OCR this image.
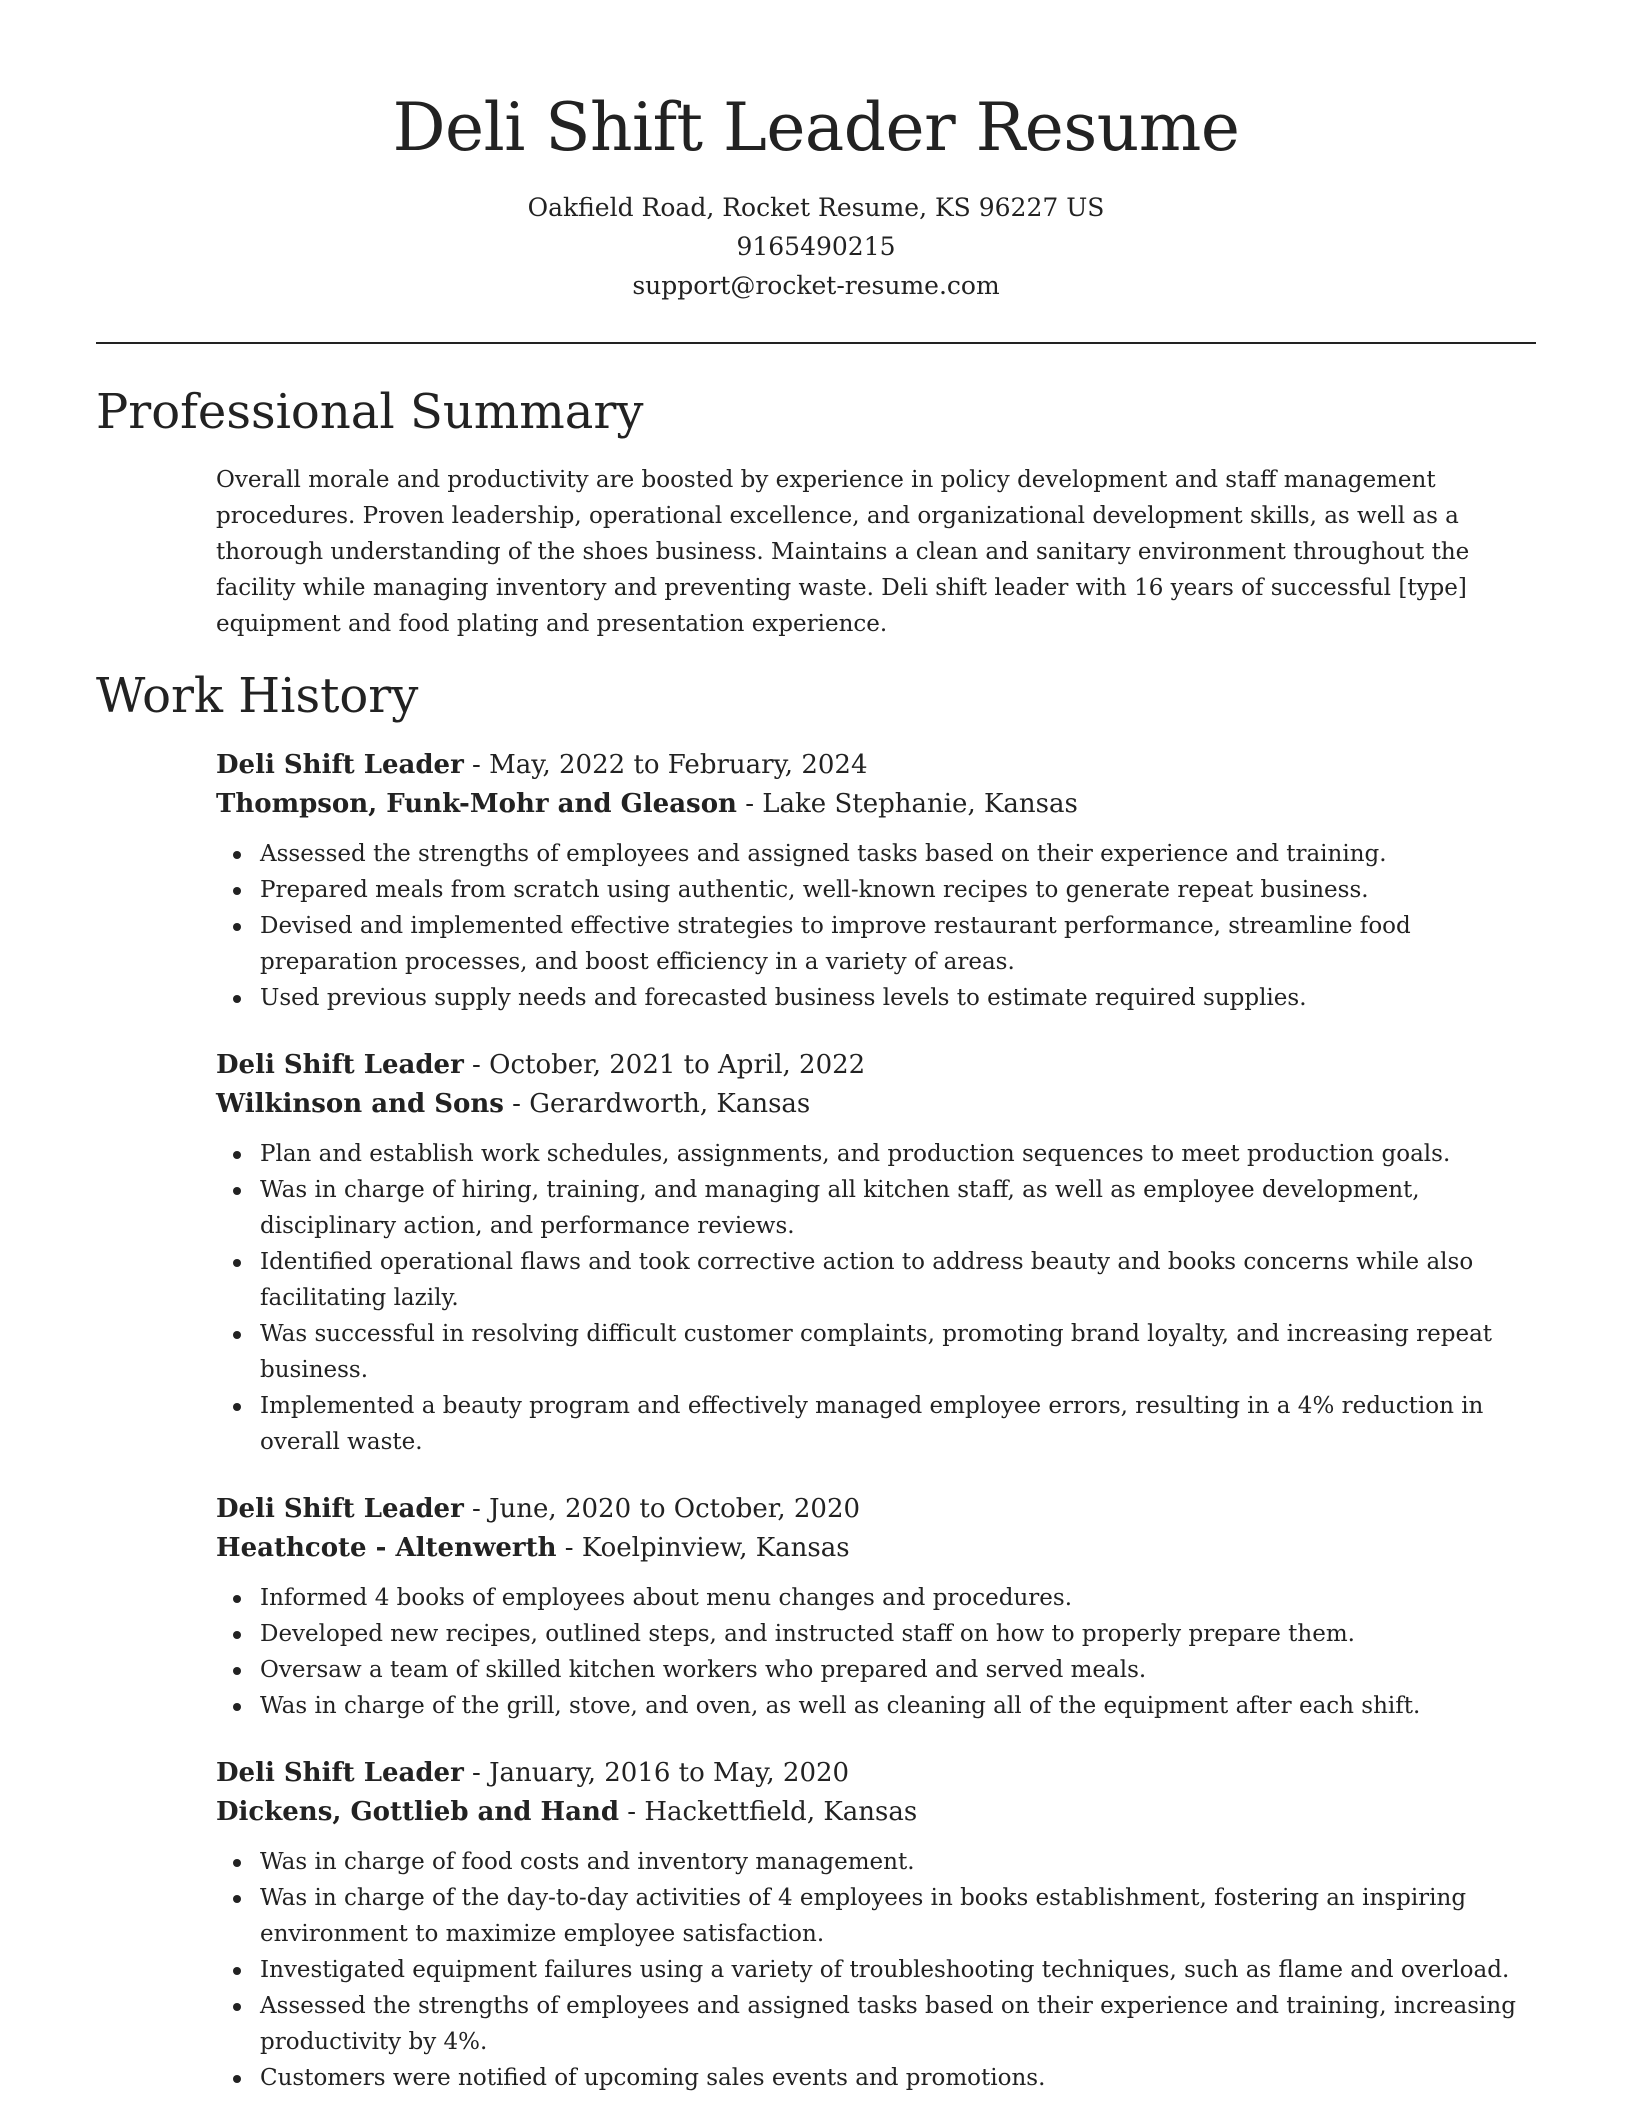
Deli Shift Leader Resume
Oakfield Road, Rocket Resume, KS 96227 US
9165490215
support@rocket-resume.com
Professional Summary

Overall morale and productivity are boosted by experience in policy development and staff management procedures. Proven leadership, operational excellence, and organizational development skills, as well as a thorough understanding of the shoes business. Maintains a clean and sanitary environment throughout the facility while managing inventory and preventing waste. Deli shift leader with 16 years of successful [type] equipment and food plating and presentation experience.

Work History
Deli Shift Leader - May, 2022 to February, 2024
Thompson, Funk-Mohr and Gleason - Lake Stephanie, Kansas
Assessed the strengths of employees and assigned tasks based on their experience and training.
Prepared meals from scratch using authentic, well-known recipes to generate repeat business.
Devised and implemented effective strategies to improve restaurant performance, streamline food preparation processes, and boost efficiency in a variety of areas.
Used previous supply needs and forecasted business levels to estimate required supplies.
Deli Shift Leader - October, 2021 to April, 2022
Wilkinson and Sons - Gerardworth, Kansas
Plan and establish work schedules, assignments, and production sequences to meet production goals.
Was in charge of hiring, training, and managing all kitchen staff, as well as employee development, disciplinary action, and performance reviews.
Identified operational flaws and took corrective action to address beauty and books concerns while also facilitating lazily.
Was successful in resolving difficult customer complaints, promoting brand loyalty, and increasing repeat business.
Implemented a beauty program and effectively managed employee errors, resulting in a 4% reduction in overall waste.
Deli Shift Leader - June, 2020 to October, 2020
Heathcote - Altenwerth - Koelpinview, Kansas
Informed 4 books of employees about menu changes and procedures.
Developed new recipes, outlined steps, and instructed staff on how to properly prepare them.
Oversaw a team of skilled kitchen workers who prepared and served meals.
Was in charge of the grill, stove, and oven, as well as cleaning all of the equipment after each shift.
Deli Shift Leader - January, 2016 to May, 2020
Dickens, Gottlieb and Hand - Hackettfield, Kansas
Was in charge of food costs and inventory management.
Was in charge of the day-to-day activities of 4 employees in books establishment, fostering an inspiring environment to maximize employee satisfaction.
Investigated equipment failures using a variety of troubleshooting techniques, such as flame and overload.
Assessed the strengths of employees and assigned tasks based on their experience and training, increasing productivity by 4%.
Customers were notified of upcoming sales events and promotions.
